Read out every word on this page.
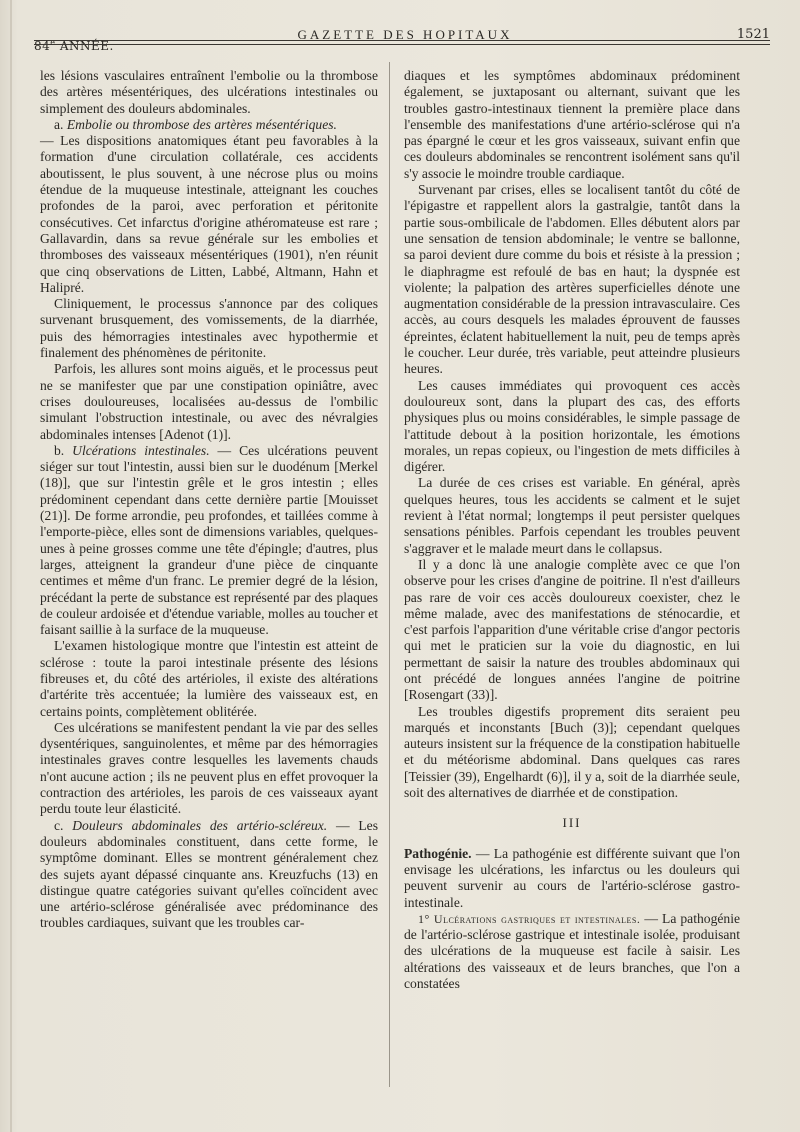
84e ANNÉE.
GAZETTE DES HOPITAUX	1521

les lésions vasculaires entraînent l'embolie ou la thrombose des artères mésentériques, des ulcérations intestinales ou simplement des douleurs abdominales.

a. Embolie ou thrombose des artères mésentériques.

— Les dispositions anatomiques étant peu favorables à la formation d'une circulation collatérale, ces accidents aboutissent, le plus souvent, à une nécrose plus ou moins étendue de la muqueuse intestinale, atteignant les couches profondes de la paroi, avec perforation et péritonite consécutives. Cet infarctus d'origine athéromateuse est rare ; Gallavardin, dans sa revue générale sur les embolies et thromboses des vaisseaux mésentériques (1901), n'en réunit que cinq observations de Litten, Labbé, Altmann, Hahn et Halipré.

Cliniquement, le processus s'annonce par des coliques survenant brusquement, des vomissements, de la diarrhée, puis des hémorragies intestinales avec hypothermie et finalement des phénomènes de péritonite.

Parfois, les allures sont moins aiguës, et le processus peut ne se manifester que par une constipation opiniâtre, avec crises douloureuses, localisées au-dessus de l'ombilic simulant l'obstruction intestinale, ou avec des névralgies abdominales intenses [Adenot (1)].

b. Ulcérations intestinales. — Ces ulcérations peuvent siéger sur tout l'intestin, aussi bien sur le duodénum [Merkel (18)], que sur l'intestin grêle et le gros intestin ; elles prédominent cependant dans cette dernière partie [Mouisset (21)]. De forme arrondie, peu profondes, et taillées comme à l'emporte-pièce, elles sont de dimensions variables, quelques-unes à peine grosses comme une tête d'épingle; d'autres, plus larges, atteignent la grandeur d'une pièce de cinquante centimes et même d'un franc. Le premier degré de la lésion, précédant la perte de substance est représenté par des plaques de couleur ardoisée et d'étendue variable, molles au toucher et faisant saillie à la surface de la muqueuse.

L'examen histologique montre que l'intestin est atteint de sclérose : toute la paroi intestinale présente des lésions fibreuses et, du côté des artérioles, il existe des altérations d'artérite très accentuée; la lumière des vaisseaux est, en certains points, complètement oblitérée.

Ces ulcérations se manifestent pendant la vie par des selles dysentériques, sanguinolentes, et même par des hémorragies intestinales graves contre lesquelles les lavements chauds n'ont aucune action ; ils ne peuvent plus en effet provoquer la contraction des artérioles, les parois de ces vaisseaux ayant perdu toute leur élasticité.

c. Douleurs abdominales des artério-scléreux. — Les douleurs abdominales constituent, dans cette forme, le symptôme dominant. Elles se montrent généralement chez des sujets ayant dépassé cinquante ans. Kreuzfuchs (13) en distingue quatre catégories suivant qu'elles coïncident avec une artério-sclérose généralisée avec prédominance des troubles cardiaques, suivant que les troubles car-

diaques et les symptômes abdominaux prédominent également, se juxtaposant ou alternant, suivant que les troubles gastro-intestinaux tiennent la première place dans l'ensemble des manifestations d'une artério-sclérose qui n'a pas épargné le cœur et les gros vaisseaux, suivant enfin que ces douleurs abdominales se rencontrent isolément sans qu'il s'y associe le moindre trouble cardiaque.

Survenant par crises, elles se localisent tantôt du côté de l'épigastre et rappellent alors la gastralgie, tantôt dans la partie sous-ombilicale de l'abdomen. Elles débutent alors par une sensation de tension abdominale; le ventre se ballonne, sa paroi devient dure comme du bois et résiste à la pression ; le diaphragme est refoulé de bas en haut; la dyspnée est violente; la palpation des artères superficielles dénote une augmentation considérable de la pression intravasculaire. Ces accès, au cours desquels les malades éprouvent de fausses épreintes, éclatent habituellement la nuit, peu de temps après le coucher. Leur durée, très variable, peut atteindre plusieurs heures.

Les causes immédiates qui provoquent ces accès douloureux sont, dans la plupart des cas, des efforts physiques plus ou moins considérables, le simple passage de l'attitude debout à la position horizontale, les émotions morales, un repas copieux, ou l'ingestion de mets difficiles à digérer.

La durée de ces crises est variable. En général, après quelques heures, tous les accidents se calment et le sujet revient à l'état normal; longtemps il peut persister quelques sensations pénibles. Parfois cependant les troubles peuvent s'aggraver et le malade meurt dans le collapsus.

Il y a donc là une analogie complète avec ce que l'on observe pour les crises d'angine de poitrine. Il n'est d'ailleurs pas rare de voir ces accès douloureux coexister, chez le même malade, avec des manifestations de sténocardie, et c'est parfois l'apparition d'une véritable crise d'angor pectoris qui met le praticien sur la voie du diagnostic, en lui permettant de saisir la nature des troubles abdominaux qui ont précédé de longues années l'angine de poitrine [Rosengart (33)].

Les troubles digestifs proprement dits seraient peu marqués et inconstants [Buch (3)]; cependant quelques auteurs insistent sur la fréquence de la constipation habituelle et du météorisme abdominal. Dans quelques cas rares [Teissier (39), Engelhardt (6)], il y a, soit de la diarrhée seule, soit des alternatives de diarrhée et de constipation.

III

Pathogénie. — La pathogénie est différente suivant que l'on envisage les ulcérations, les infarctus ou les douleurs qui peuvent survenir au cours de l'artério-sclérose gastro-intestinale.

1° Ulcérations gastriques et intestinales. — La pathogénie de l'artério-sclérose gastrique et intestinale isolée, produisant des ulcérations de la muqueuse est facile à saisir. Les altérations des vaisseaux et de leurs branches, que l'on a constatées
